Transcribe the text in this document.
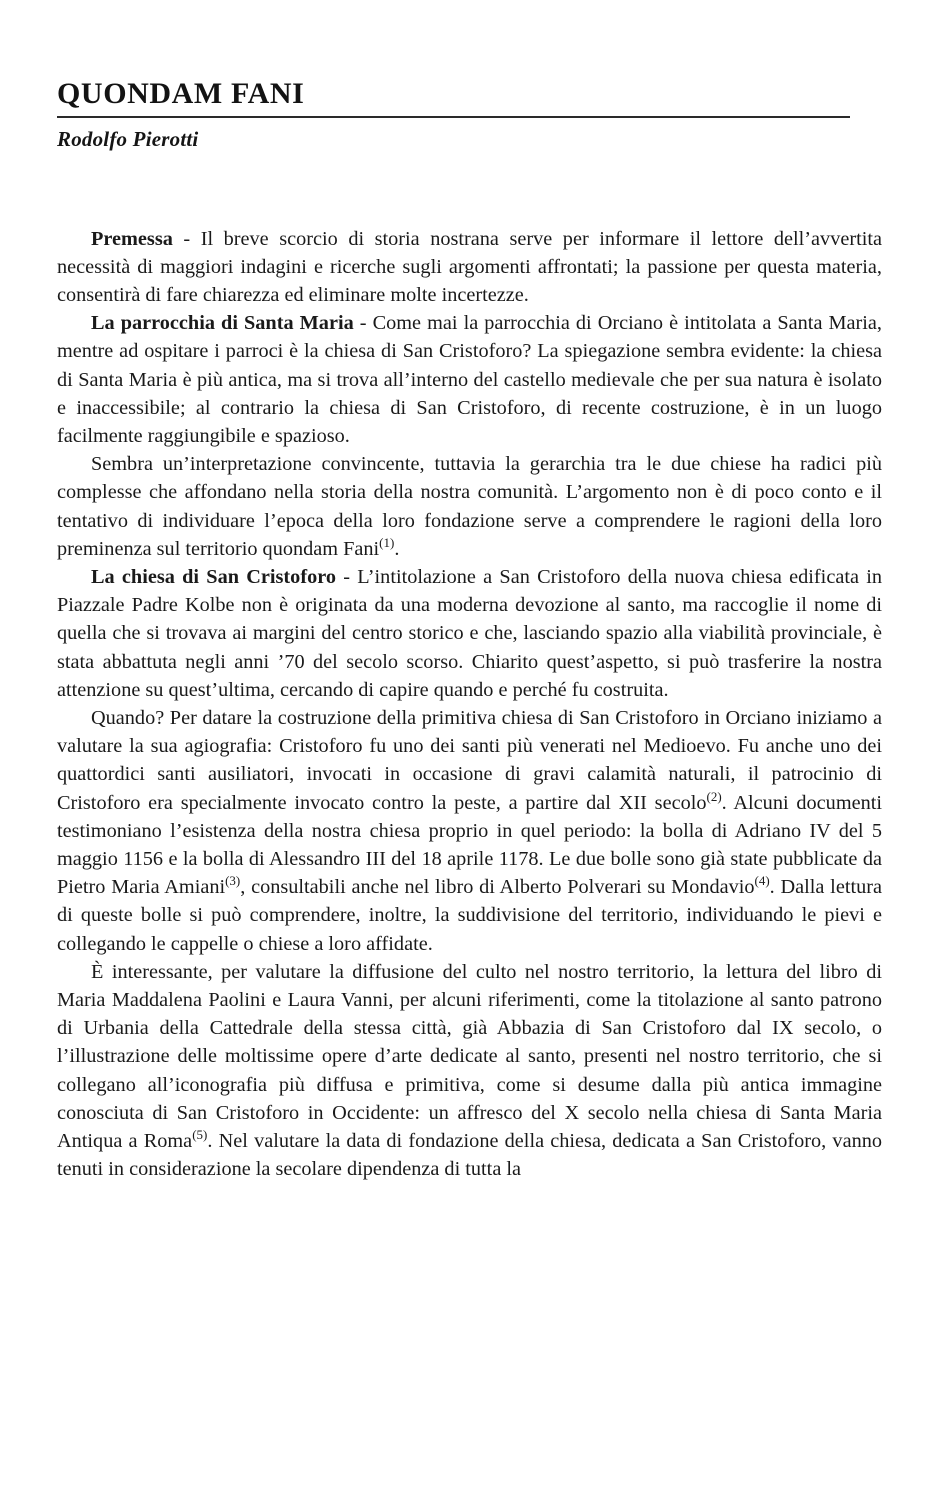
QUONDAM FANI
Rodolfo Pierotti

Premessa - Il breve scorcio di storia nostrana serve per informare il lettore dell’avvertita necessità di maggiori indagini e ricerche sugli argomenti affrontati; la passione per questa materia, consentirà di fare chiarezza ed eliminare molte incertezze.

La parrocchia di Santa Maria - Come mai la parrocchia di Orciano è intitolata a Santa Maria, mentre ad ospitare i parroci è la chiesa di San Cristoforo? La spiegazione sembra evidente: la chiesa di Santa Maria è più antica, ma si trova all’interno del castello medievale che per sua natura è isolato e inaccessibile; al contrario la chiesa di San Cristoforo, di recente costruzione, è in un luogo facilmente raggiungibile e spazioso.

Sembra un’interpretazione convincente, tuttavia la gerarchia tra le due chiese ha radici più complesse che affondano nella storia della nostra comunità. L’argomento non è di poco conto e il tentativo di individuare l’epoca della loro fondazione serve a comprendere le ragioni della loro preminenza sul territorio quondam Fani$^{(1)}$.

La chiesa di San Cristoforo - L’intitolazione a San Cristoforo della nuova chiesa edificata in Piazzale Padre Kolbe non è originata da una moderna devozione al santo, ma raccoglie il nome di quella che si trovava ai margini del centro storico e che, lasciando spazio alla viabilità provinciale, è stata abbattuta negli anni ’70 del secolo scorso. Chiarito quest’aspetto, si può trasferire la nostra attenzione su quest’ultima, cercando di capire quando e perché fu costruita.

Quando? Per datare la costruzione della primitiva chiesa di San Cristoforo in Orciano iniziamo a valutare la sua agiografia: Cristoforo fu uno dei santi più venerati nel Medioevo. Fu anche uno dei quattordici santi ausiliatori, invocati in occasione di gravi calamità naturali, il patrocinio di Cristoforo era specialmente invocato contro la peste, a partire dal XII secolo$^{(2)}$. Alcuni documenti testimoniano l’esistenza della nostra chiesa proprio in quel periodo: la bolla di Adriano IV del 5 maggio 1156 e la bolla di Alessandro III del 18 aprile 1178. Le due bolle sono già state pubblicate da Pietro Maria Amiani$^{(3)}$, consultabili anche nel libro di Alberto Polverari su Mondavio$^{(4)}$. Dalla lettura di queste bolle si può comprendere, inoltre, la suddivisione del territorio, individuando le pievi e collegando le cappelle o chiese a loro affidate.

È interessante, per valutare la diffusione del culto nel nostro territorio, la lettura del libro di Maria Maddalena Paolini e Laura Vanni, per alcuni riferimenti, come la titolazione al santo patrono di Urbania della Cattedrale della stessa città, già Abbazia di San Cristoforo dal IX secolo, o l’illustrazione delle moltissime opere d’arte dedicate al santo, presenti nel nostro territorio, che si collegano all’iconografia più diffusa e primitiva, come si desume dalla più antica immagine conosciuta di San Cristoforo in Occidente: un affresco del X secolo nella chiesa di Santa Maria Antiqua a Roma$^{(5)}$. Nel valutare la data di fondazione della chiesa, dedicata a San Cristoforo, vanno tenuti in considerazione la secolare dipendenza di tutta la
